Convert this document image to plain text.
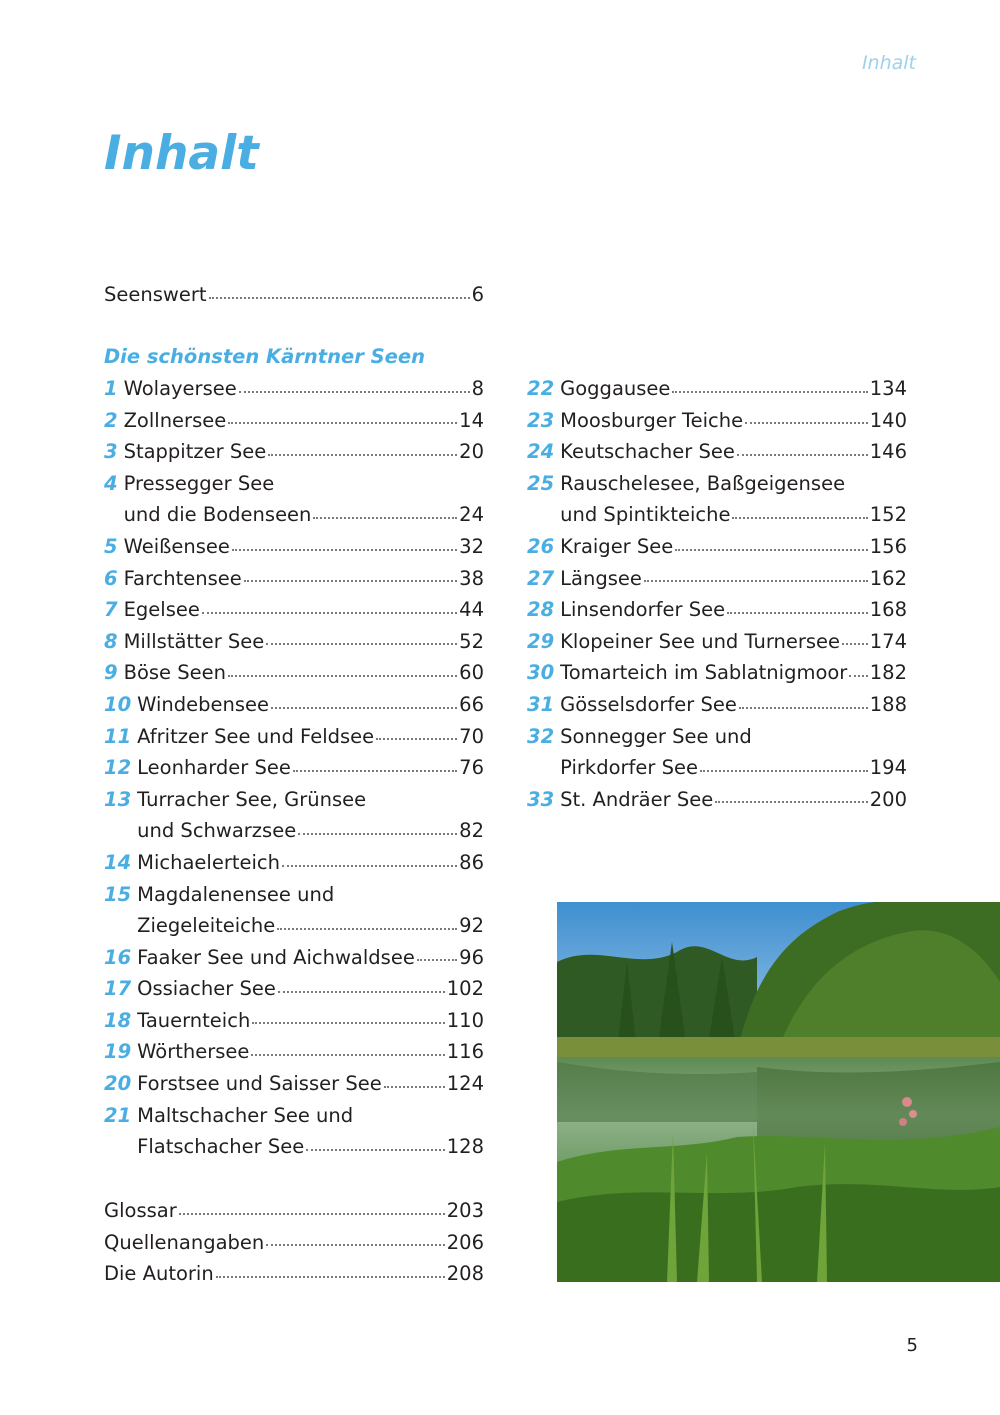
Inhalt
Inhalt
Seenswert	6
Die schönsten Kärntner Seen
1 Wolayersee	8
2 Zollnersee	14
3 Stappitzer See	20
4 Pressegger See
und die Bodenseen	24
5 Weißensee	32
6 Farchtensee	38
7 Egelsee	44
8 Millstätter See	52
9 Böse Seen	60
10 Windebensee	66
11 Afritzer See und Feldsee	70
12 Leonharder See	76
13 Turracher See, Grünsee
und Schwarzsee	82
14 Michaelerteich	86
15 Magdalenensee und
Ziegeleiteiche	92
16 Faaker See und Aichwaldsee 96
17 Ossiacher See	102
18 Tauernteich	110
19 Wörthersee	116
20 Forstsee und Saisser See	124
21 Maltschacher See und
Flatschacher See	128
22 Goggausee	134
23 Moosburger Teiche	140
24 Keutschacher See	146
25 Rauschelesee, Baßgeigensee
und Spintikteiche	152
26 Kraiger See	156
27 Längsee	162
28 Linsendorfer See	168
29 Klopeiner See und Turnersee 174
30 Tomarteich im Sablatnigmoor 182
31 Gösselsdorfer See	188
32 Sonnegger See und
Pirkdorfer See	194
33 St. Andräer See	200
Glossar	203
Quellenangaben	206
Die Autorin	208
5
